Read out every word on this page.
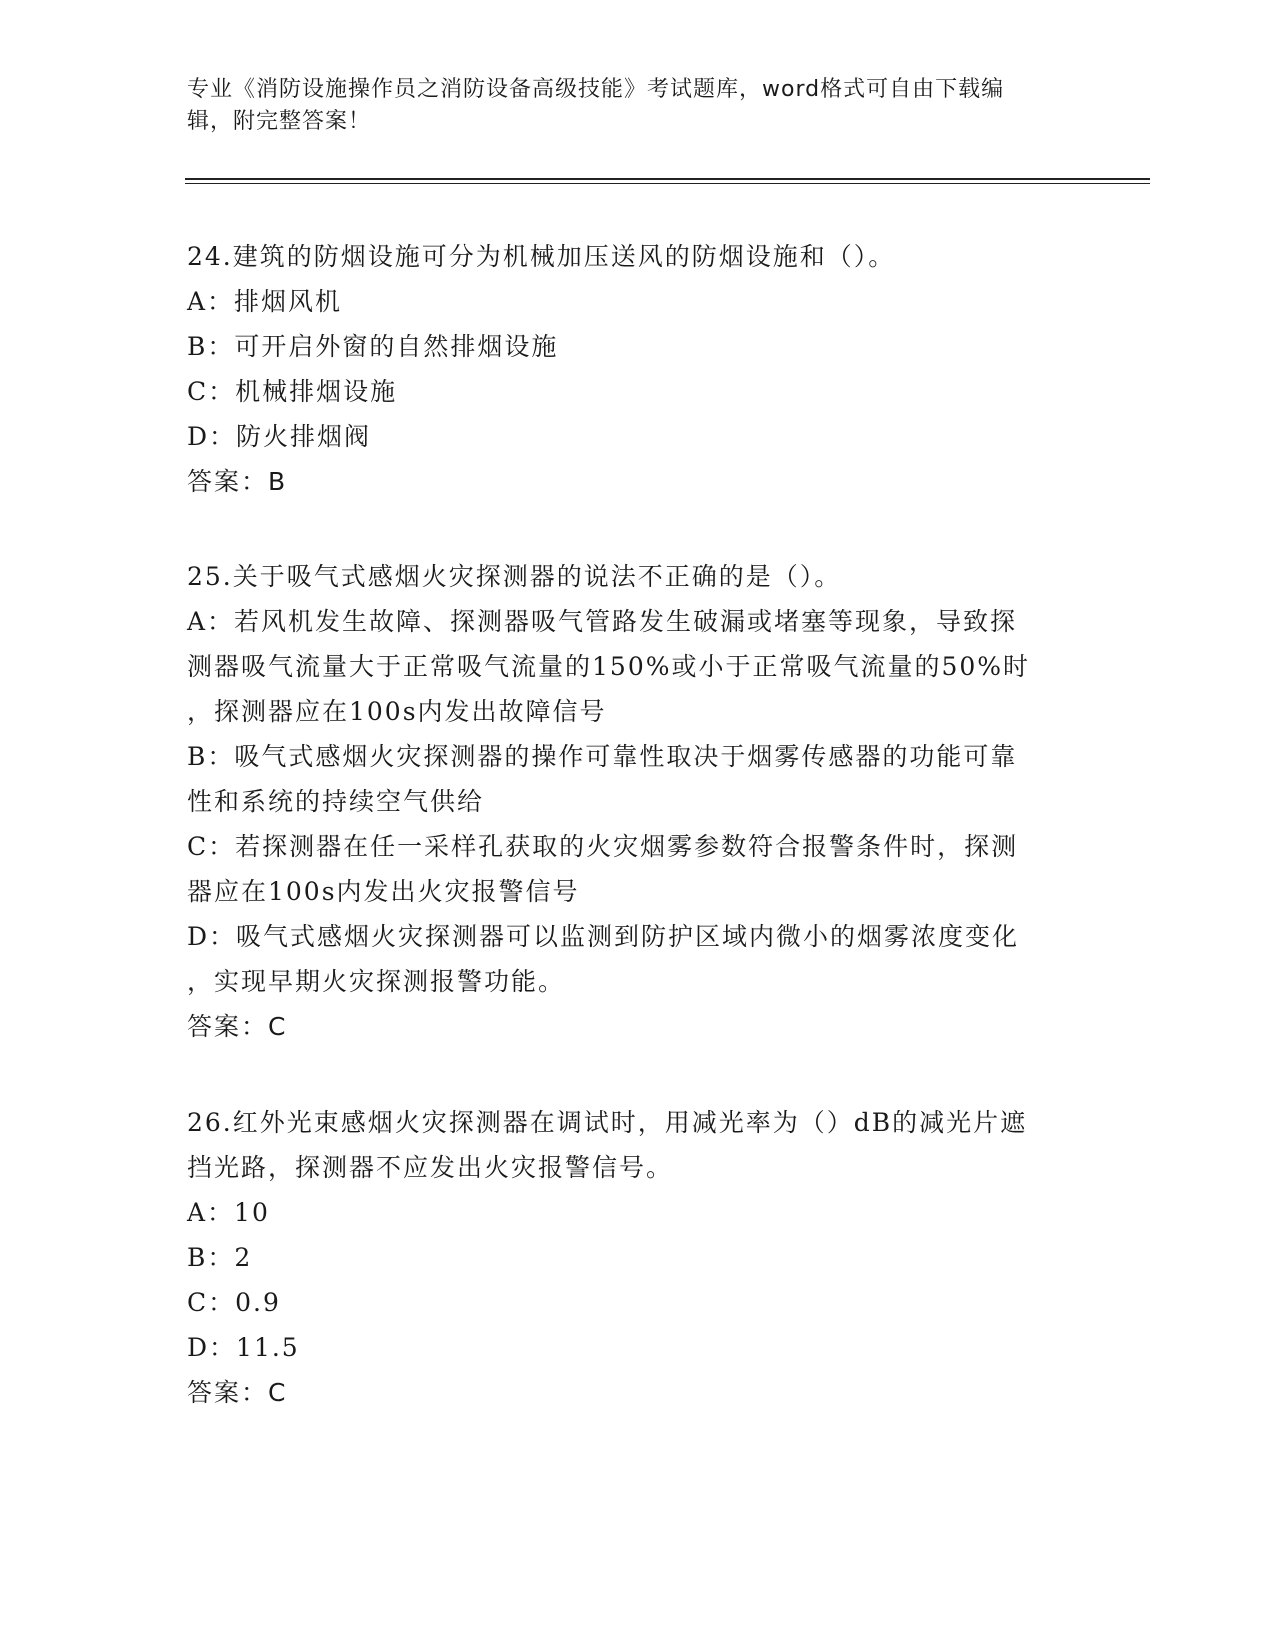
专业《消防设施操作员之消防设备高级技能》考试题库，word格式可自由下载编
辑，附完整答案！
24.建筑的防烟设施可分为机械加压送风的防烟设施和（）。
A：排烟风机
B：可开启外窗的自然排烟设施
C：机械排烟设施
D：防火排烟阀
答案：B
25.关于吸气式感烟火灾探测器的说法不正确的是（）。
A：若风机发生故障、探测器吸气管路发生破漏或堵塞等现象，导致探
测器吸气流量大于正常吸气流量的150%或小于正常吸气流量的50%时
，探测器应在100s内发出故障信号
B：吸气式感烟火灾探测器的操作可靠性取决于烟雾传感器的功能可靠
性和系统的持续空气供给
C：若探测器在任一采样孔获取的火灾烟雾参数符合报警条件时，探测
器应在100s内发出火灾报警信号
D：吸气式感烟火灾探测器可以监测到防护区域内微小的烟雾浓度变化
，实现早期火灾探测报警功能。
答案：C
26.红外光束感烟火灾探测器在调试时，用减光率为（）dB的减光片遮
挡光路，探测器不应发出火灾报警信号。
A：10
B：2
C：0.9
D：11.5
答案：C
